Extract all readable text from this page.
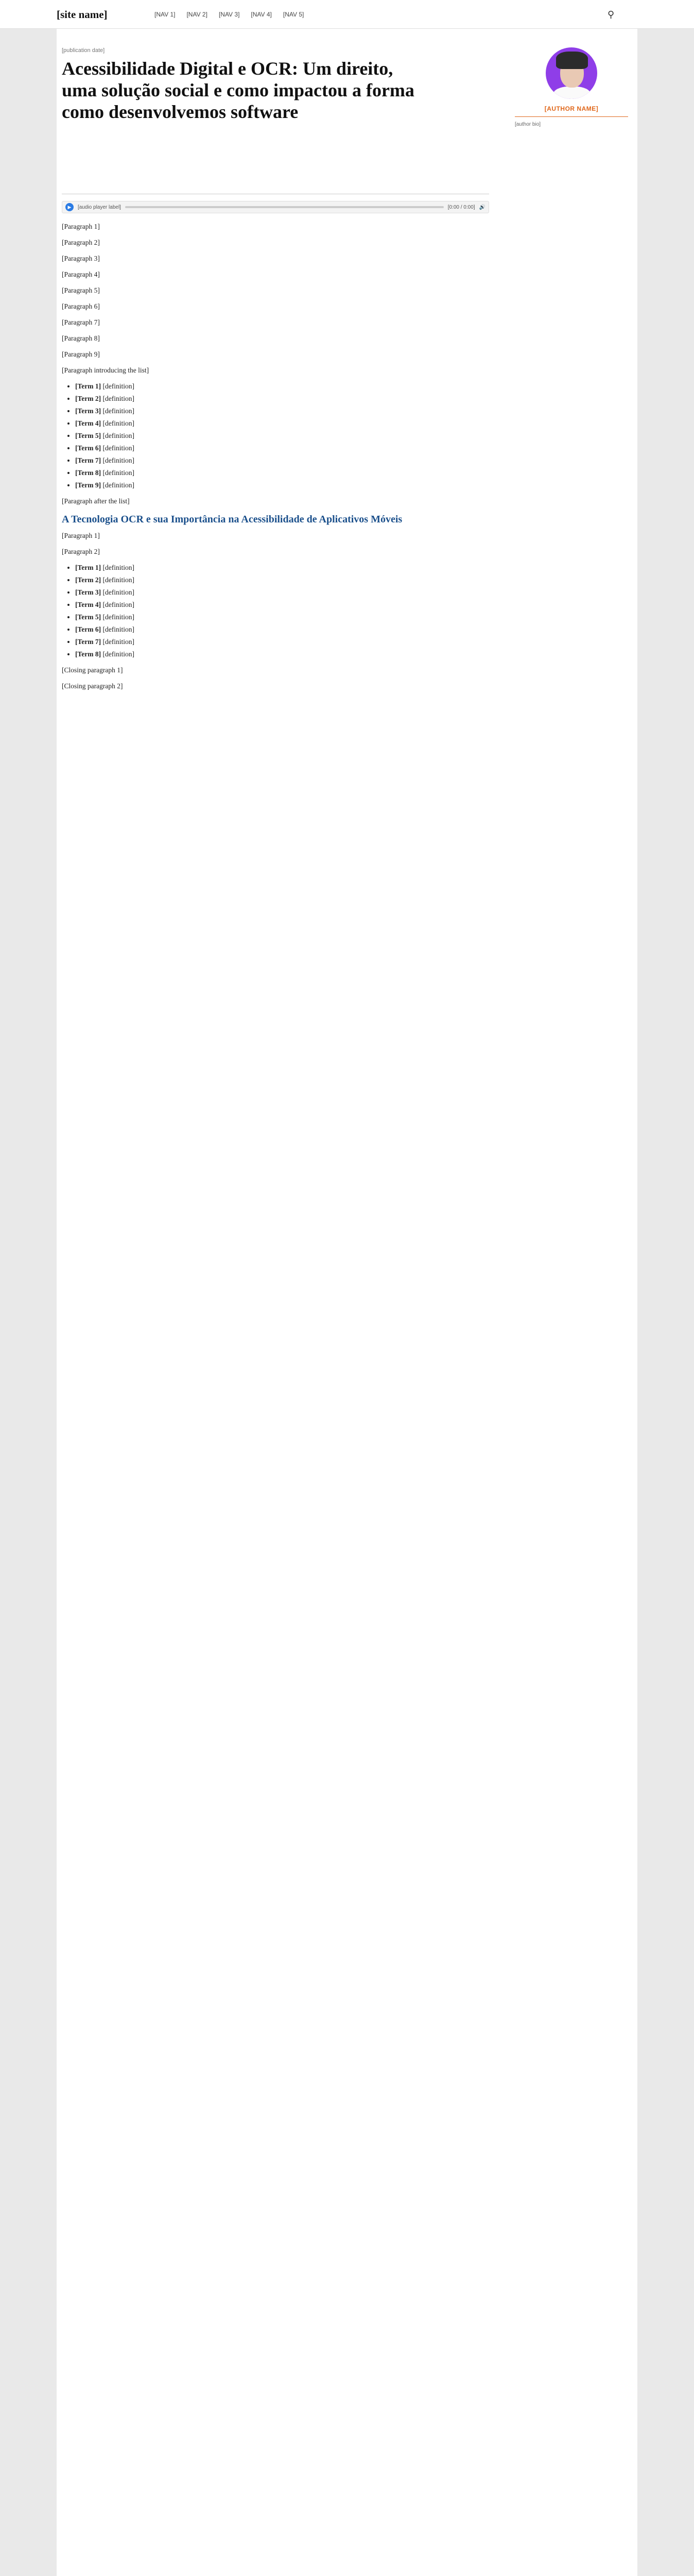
[site name]	[NAV 1] [NAV 2] [NAV 3] [NAV 4] [NAV 5]	⚲
[publication date]
Acessibilidade Digital e OCR: Um direito, uma solução social e como impactou a forma como desenvolvemos software
▶	[audio player label]	[0:00 / 0:00] 🔊
[AUTHOR NAME]

[author bio]

[Paragraph 1]

[Paragraph 2]

[Paragraph 3]

[Paragraph 4]

[Paragraph 5]

[Paragraph 6]

[Paragraph 7]

[Paragraph 8]

[Paragraph 9]

[Paragraph introducing the list]

• [Term 1] [definition]
• [Term 2] [definition]
• [Term 3] [definition]
• [Term 4] [definition]
• [Term 5] [definition]
• [Term 6] [definition]
• [Term 7] [definition]
• [Term 8] [definition]
• [Term 9] [definition]

[Paragraph after the list]

A Tecnologia OCR e sua Importância na Acessibilidade de Aplicativos Móveis

[Paragraph 1]

[Paragraph 2]

• [Term 1] [definition]
• [Term 2] [definition]
• [Term 3] [definition]
• [Term 4] [definition]
• [Term 5] [definition]
• [Term 6] [definition]
• [Term 7] [definition]
• [Term 8] [definition]

[Closing paragraph 1]

[Closing paragraph 2]
